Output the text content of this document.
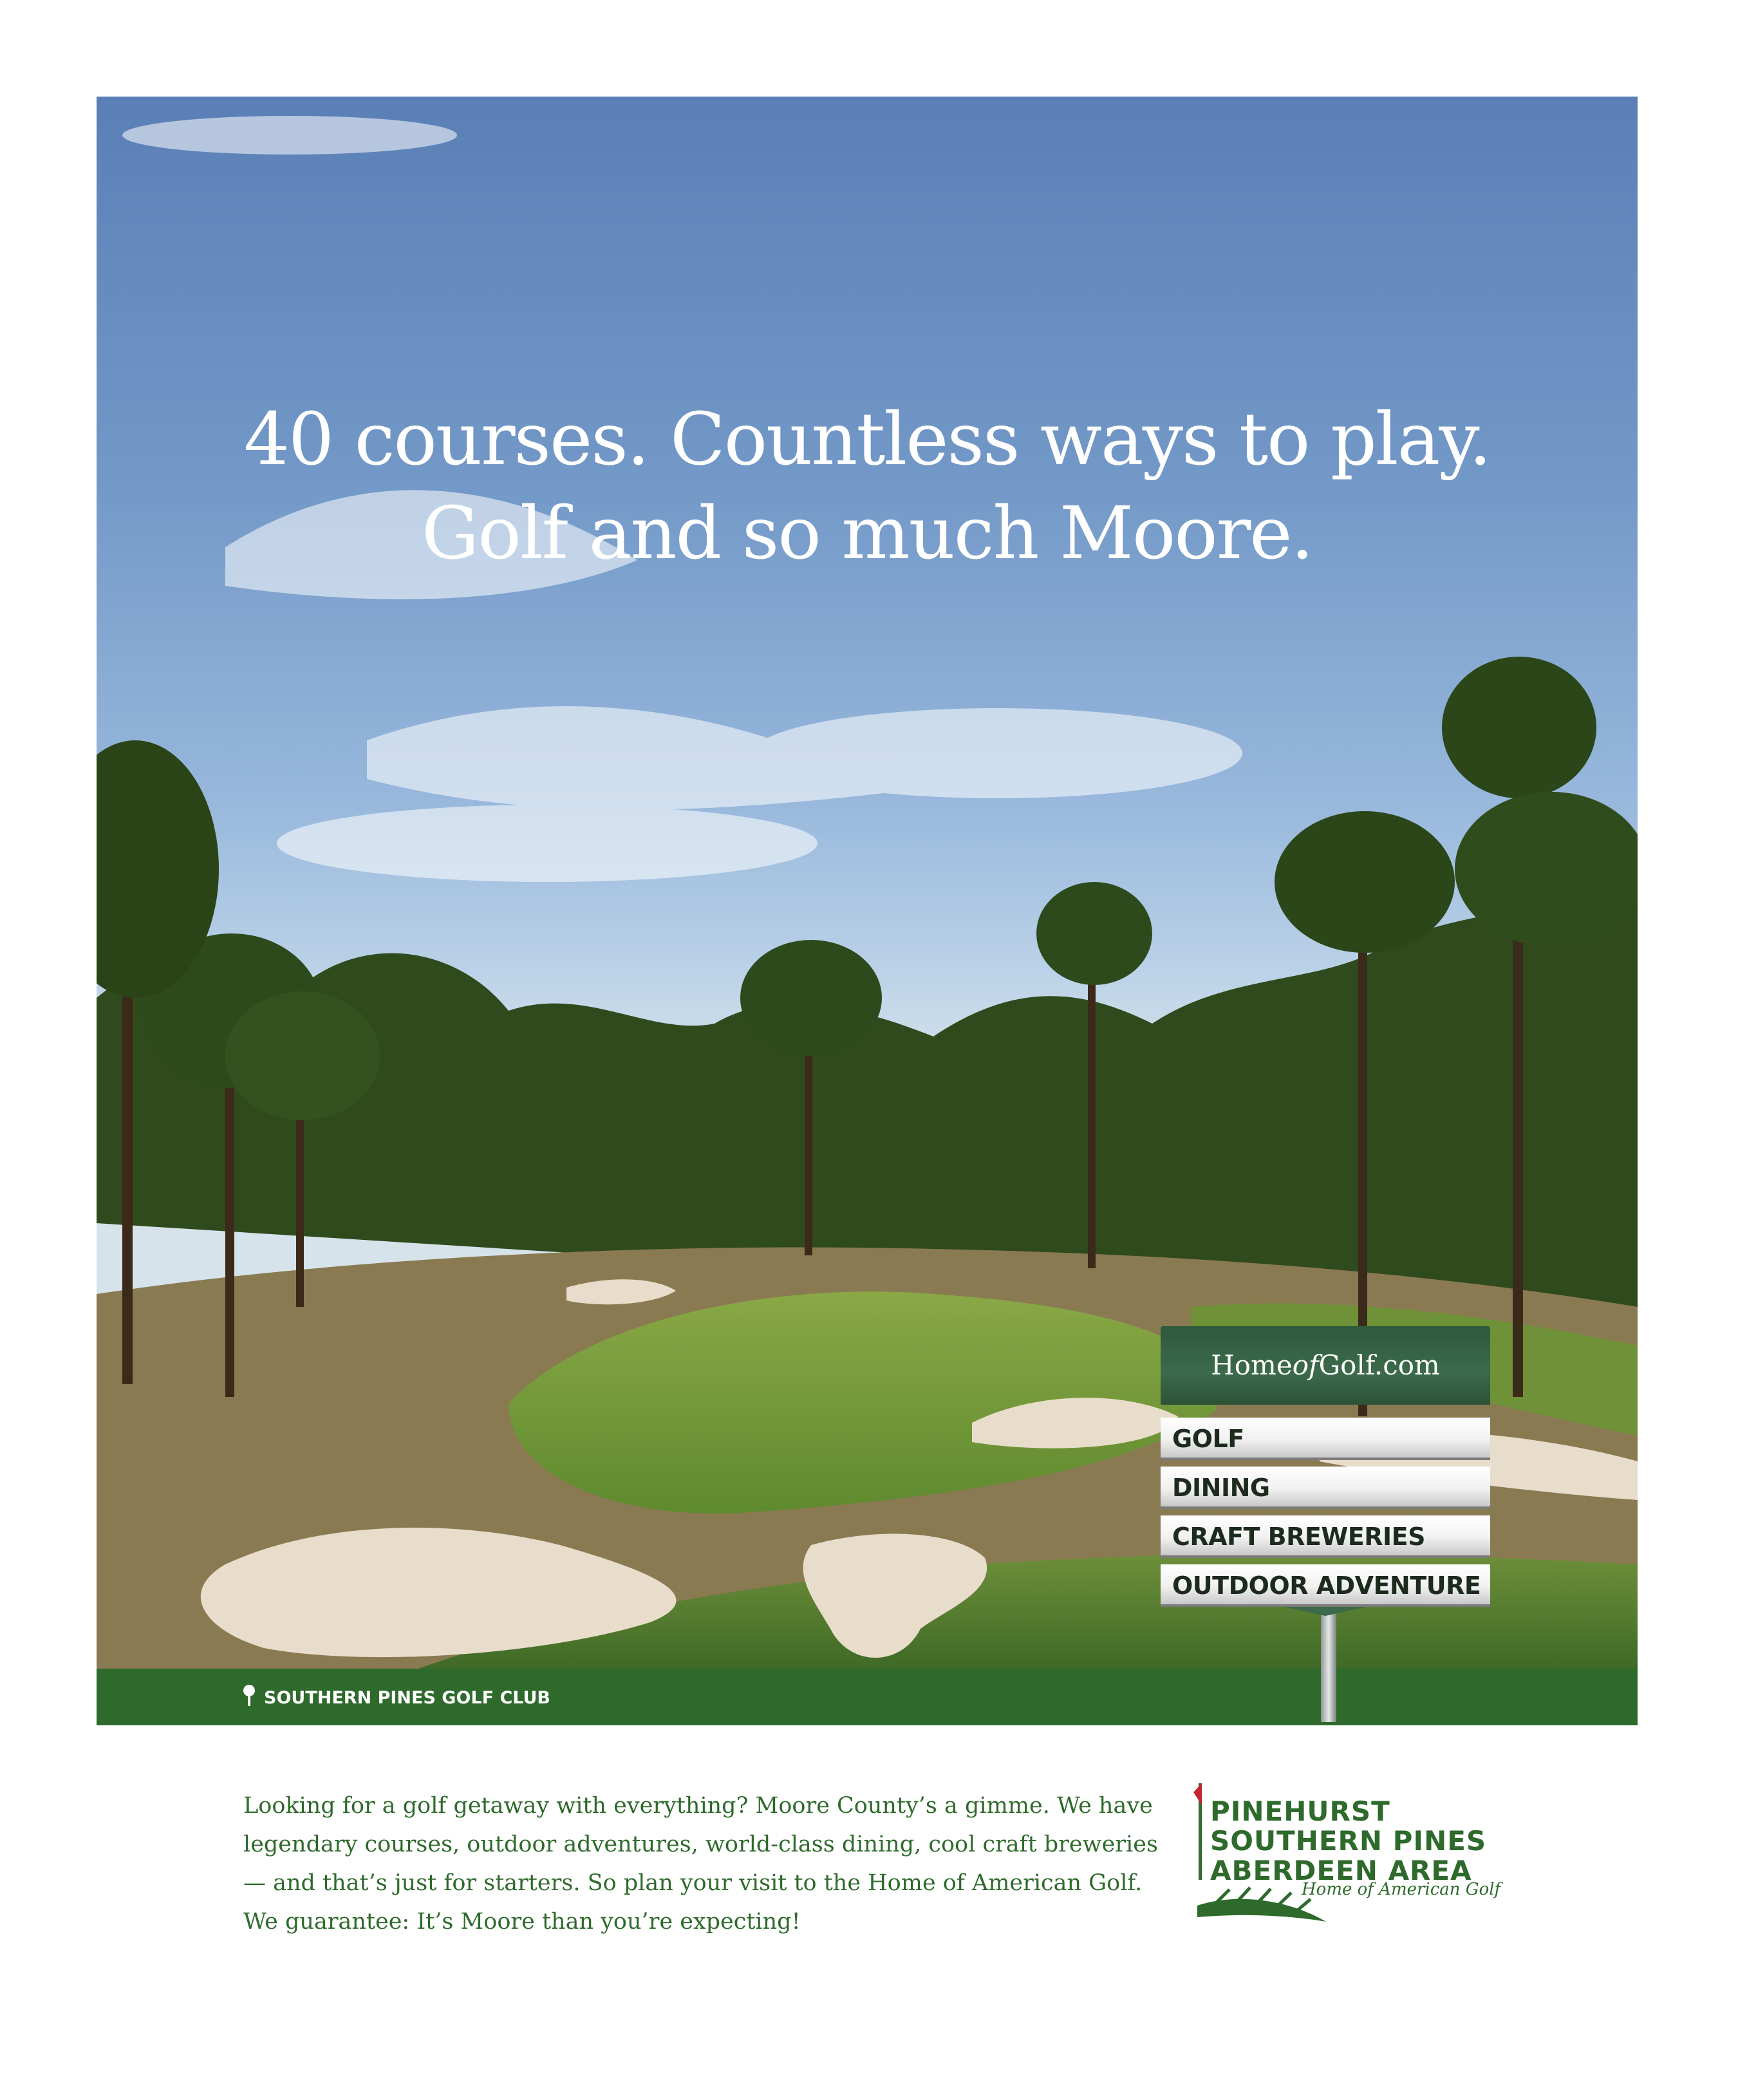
40 courses. Countless ways to play.
Golf and so much Moore.
SOUTHERN PINES GOLF CLUB
HomeofGolf.com
GOLF
DINING
CRAFT BREWERIES
OUTDOOR ADVENTURE
Looking for a golf getaway with everything? Moore County’s a gimme. We have
legendary courses, outdoor adventures, world-class dining, cool craft breweries
— and that’s just for starters. So plan your visit to the Home of American Golf.
We guarantee: It’s Moore than you’re expecting!
PINEHURST
SOUTHERN PINES
ABERDEEN AREA
Home of American Golf
